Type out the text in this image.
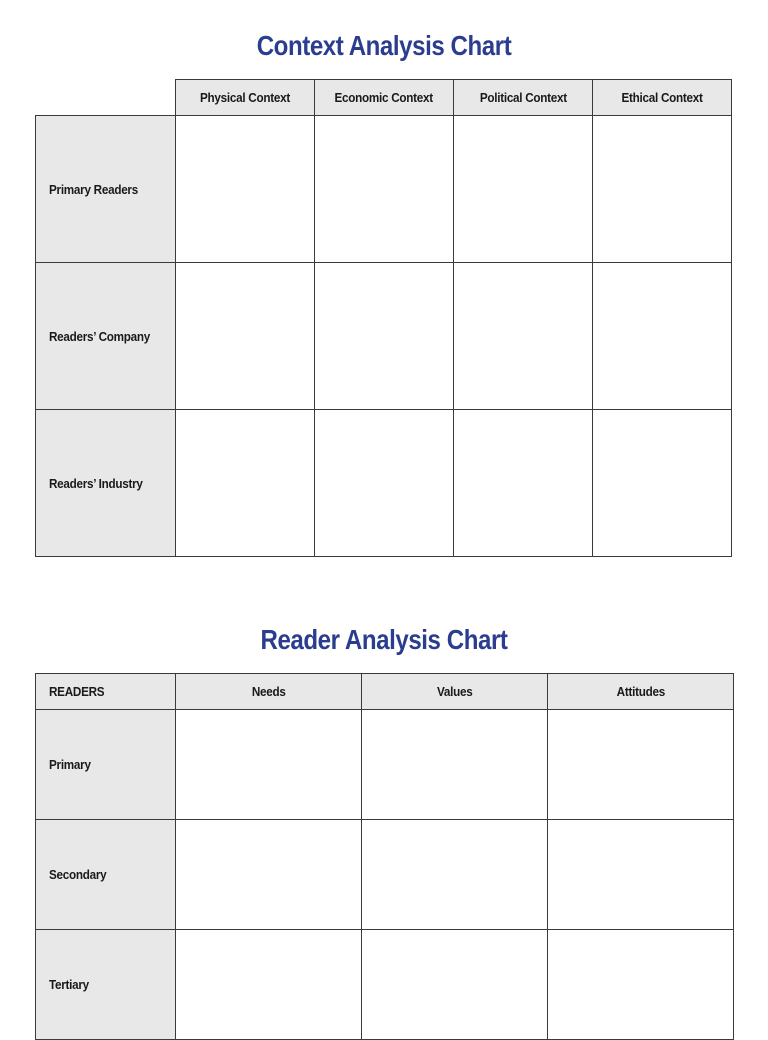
Context Analysis Chart
	Physical Context	Economic Context	Political Context	Ethical Context
Primary Readers				
Readers’ Company				
Readers’ Industry				
Reader Analysis Chart
READERS	Needs	Values	Attitudes
Primary			
Secondary			
Tertiary			
